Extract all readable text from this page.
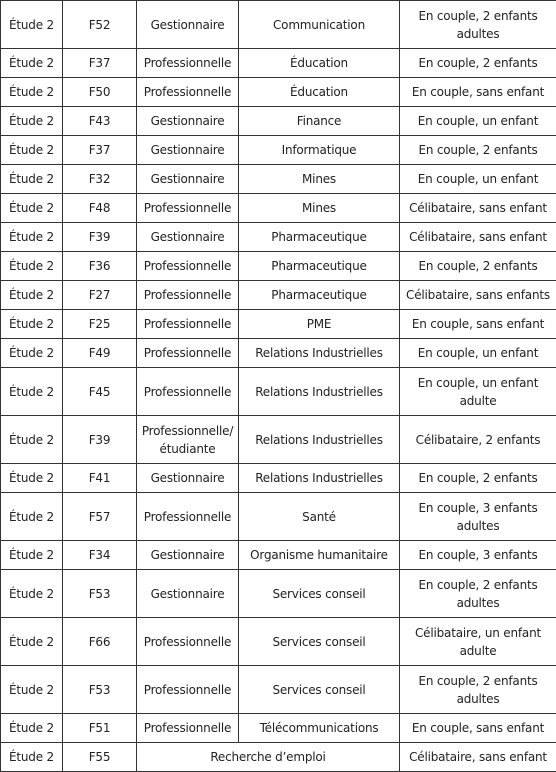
Étude 2	F52	Gestionnaire	Communication	En couple, 2 enfants adultes
Étude 2	F37	Professionnelle	Éducation	En couple, 2 enfants
Étude 2	F50	Professionnelle	Éducation	En couple, sans enfant
Étude 2	F43	Gestionnaire	Finance	En couple, un enfant
Étude 2	F37	Gestionnaire	Informatique	En couple, 2 enfants
Étude 2	F32	Gestionnaire	Mines	En couple, un enfant
Étude 2	F48	Professionnelle	Mines	Célibataire, sans enfant
Étude 2	F39	Gestionnaire	Pharmaceutique	Célibataire, sans enfant
Étude 2	F36	Professionnelle	Pharmaceutique	En couple, 2 enfants
Étude 2	F27	Professionnelle	Pharmaceutique	Célibataire, sans enfants
Étude 2	F25	Professionnelle	PME	En couple, sans enfant
Étude 2	F49	Professionnelle	Relations Industrielles	En couple, un enfant
Étude 2	F45	Professionnelle	Relations Industrielles	En couple, un enfant adulte
Étude 2	F39	Professionnelle/ étudiante	Relations Industrielles	Célibataire, 2 enfants
Étude 2	F41	Gestionnaire	Relations Industrielles	En couple, 2 enfants
Étude 2	F57	Professionnelle	Santé	En couple, 3 enfants adultes
Étude 2	F34	Gestionnaire	Organisme humanitaire	En couple, 3 enfants
Étude 2	F53	Gestionnaire	Services conseil	En couple, 2 enfants adultes
Étude 2	F66	Professionnelle	Services conseil	Célibataire, un enfant adulte
Étude 2	F53	Professionnelle	Services conseil	En couple, 2 enfants adultes
Étude 2	F51	Professionnelle	Télécommunications	En couple, sans enfant
Étude 2	F55	Recherche d’emploi		Célibataire, sans enfant
